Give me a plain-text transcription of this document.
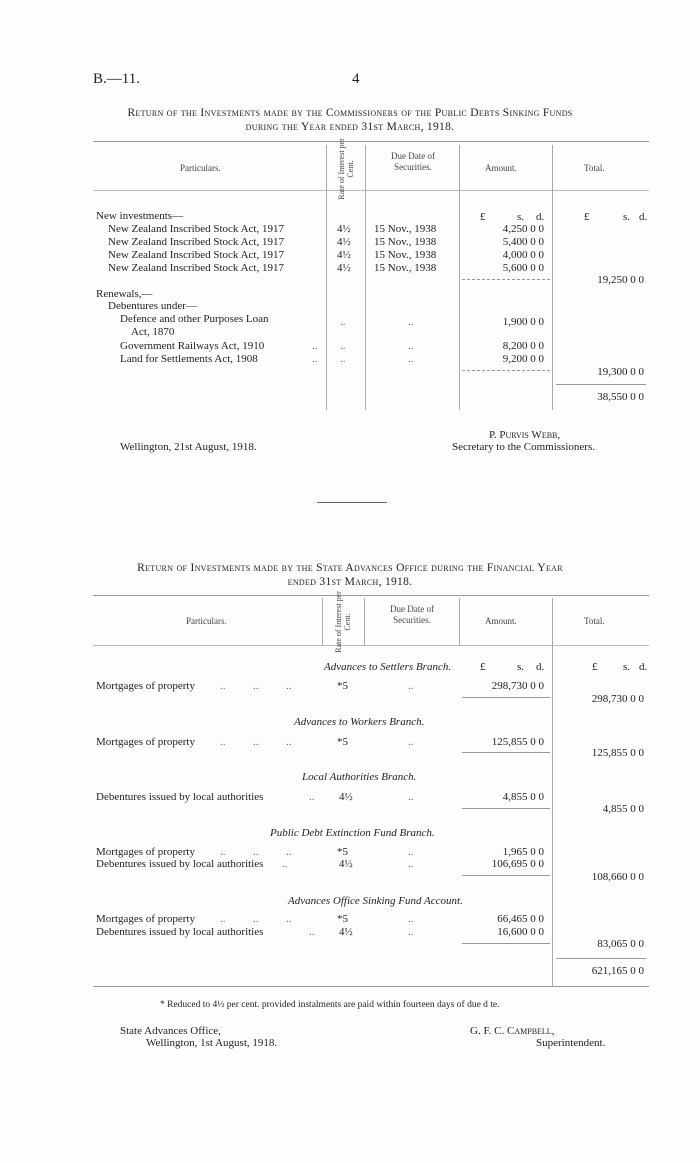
B.—11.	4
Return of the Investments made by the Commissioners of the Public Debts Sinking Funds
during the Year ended 31st March, 1918.
Particulars.	Rate of Interest per Cent.
Due Date of Securities.	Amount.	Total.
£	s. d.	£	s. d.
New investments—
New Zealand Inscribed Stock Act, 1917	4½ 15 Nov., 1938	4,250 0 0
New Zealand Inscribed Stock Act, 1917	4½ 15 Nov., 1938	5,400 0 0
New Zealand Inscribed Stock Act, 1917	4½ 15 Nov., 1938	4,000 0 0
New Zealand Inscribed Stock Act, 1917	4½ 15 Nov., 1938	5,600 0 0
19,250 0 0
Renewals,—
Debentures under—
Defence and other Purposes Loan
Act, 1870
..	..	1,900 0 0
Government Railways Act, 1910	.. ..	..	8,200 0 0
Land for Settlements Act, 1908	.. ..	..	9,200 0 0
19,300 0 0
38,550 0 0
P. Purvis Webb,
Secretary to the Commissioners.
Wellington, 21st August, 1918.
Return of Investments made by the State Advances Office during the Financial Year
ended 31st March, 1918.
Particulars.	Rate of Interest per Cent.
Due Date of Securities.	Amount.	Total.
Advances to Settlers Branch.	£	s. d.	£ s. d.
Mortgages of property ..          ..          ..	*5	..	298,730 0 0
298,730 0 0
Advances to Workers Branch.
Mortgages of property ..          ..          ..	*5	..	125,855 0 0
125,855 0 0
Local Authorities Branch.
Debentures issued by local authorities	.. 4½	..	4,855 0 0
4,855 0 0
Public Debt Extinction Fund Branch.
Mortgages of property ..          ..          ..	*5	..	1,965 0 0
Debentures issued by local authorities ..	4½	..	106,695 0 0
108,660 0 0
Advances Office Sinking Fund Account.
Mortgages of property ..          ..          ..	*5	..	66,465 0 0
Debentures issued by local authorities	.. 4½	..	16,600 0 0
83,065 0 0
621,165 0 0
* Reduced to 4½ per cent. provided instalments are paid within fourteen days of due d te.
State Advances Office,
Wellington, 1st August, 1918.
G. F. C. Campbell,
Superintendent.
